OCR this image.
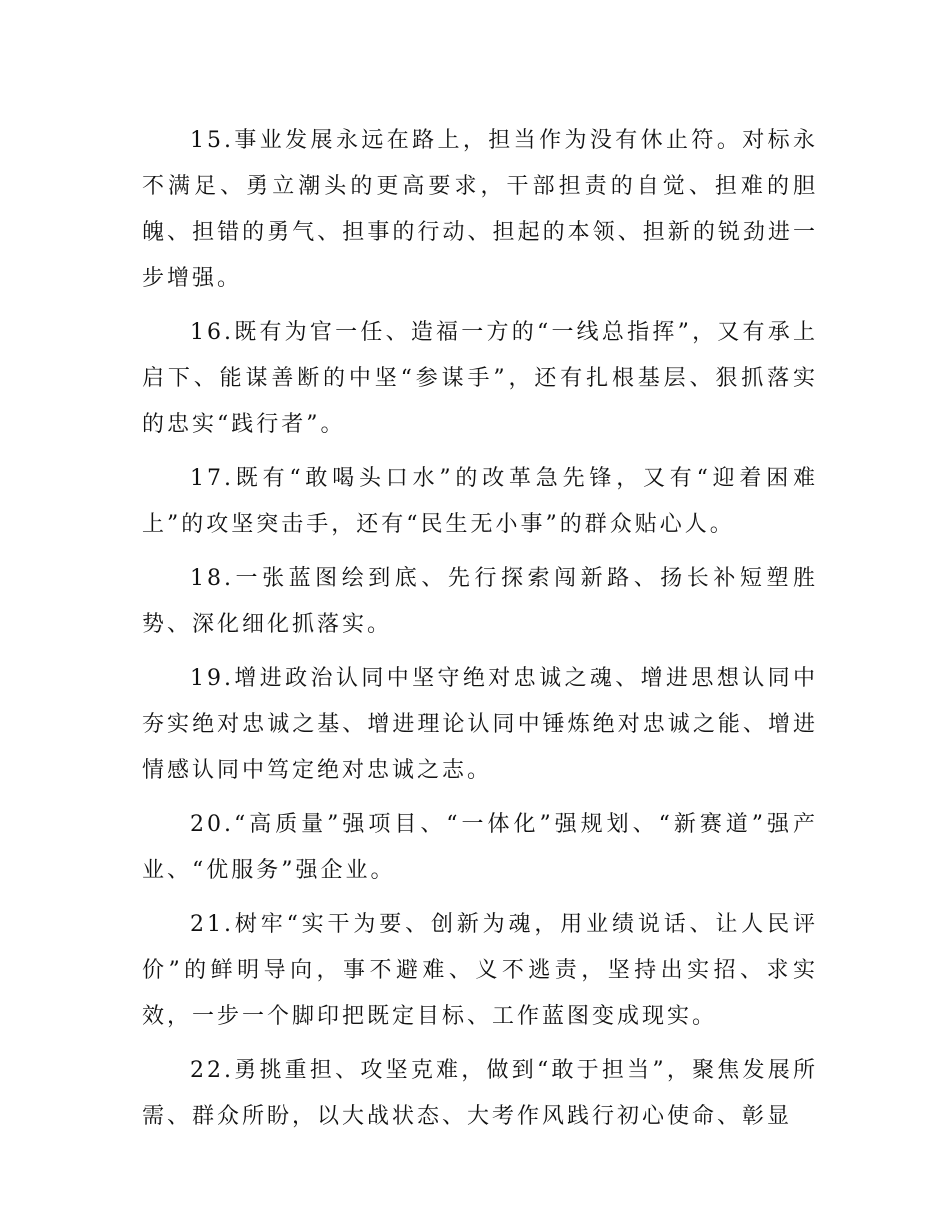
15.事业发展永远在路上，担当作为没有休止符。对标永不满足、勇立潮头的更高要求，干部担责的自觉、担难的胆魄、担错的勇气、担事的行动、担起的本领、担新的锐劲进一步增强。

16.既有为官一任、造福一方的“一线总指挥”，又有承上启下、能谋善断的中坚“参谋手”，还有扎根基层、狠抓落实的忠实“践行者”。

17.既有“敢喝头口水”的改革急先锋，又有“迎着困难上”的攻坚突击手，还有“民生无小事”的群众贴心人。

18.一张蓝图绘到底、先行探索闯新路、扬长补短塑胜势、深化细化抓落实。

19.增进政治认同中坚守绝对忠诚之魂、增进思想认同中夯实绝对忠诚之基、增进理论认同中锤炼绝对忠诚之能、增进情感认同中笃定绝对忠诚之志。

20.“高质量”强项目、“一体化”强规划、“新赛道”强产业、“优服务”强企业。

21.树牢“实干为要、创新为魂，用业绩说话、让人民评价”的鲜明导向，事不避难、义不逃责，坚持出实招、求实效，一步一个脚印把既定目标、工作蓝图变成现实。

22.勇挑重担、攻坚克难，做到“敢于担当”，聚焦发展所需、群众所盼，以大战状态、大考作风践行初心使命、彰显
